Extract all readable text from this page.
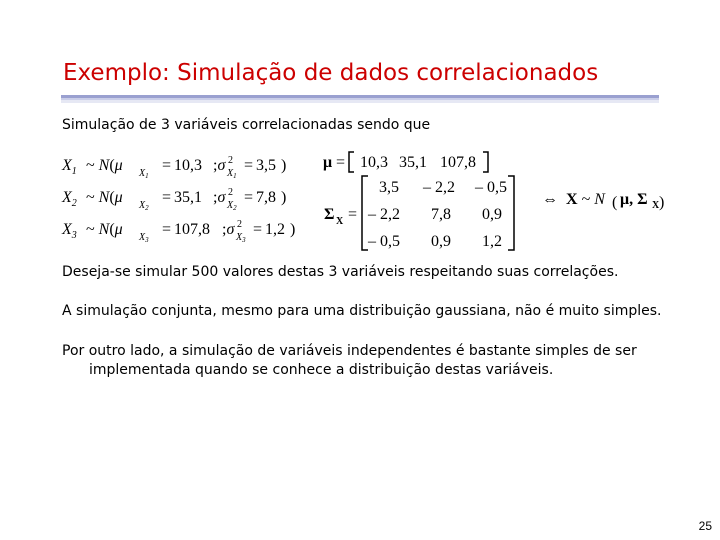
Exemplo: Simulação de dados correlacionados
Simulação de 3 variáveis correlacionadas sendo que
$X_1$ ~ N(μ $X_1$
= 10,3 ;σ 2
$X_1$
= 3,5 )
$X_2$ ~ N(μ $X_2$
= 35,1 ;σ 2
$X_2$
= 7,8 )
$X_3$ ~ N(μ $X_3$
= 107,8 ;σ 2
$X_3$
= 1,2 )
μ = 10,3 35,1 107,8
Σ X =
3,5 – 2,2 – 0,5
– 2,2 7,8 0,9
– 0,5 0,9 1,2
⇔ X ~ N ( μ, Σ X )
Deseja-se simular 500 valores destas 3 variáveis respeitando suas correlações.
A simulação conjunta, mesmo para uma distribuição gaussiana, não é muito simples.
Por outro lado, a simulação de variáveis independentes é bastante simples de ser
implementada quando se conhece a distribuição destas variáveis.
25
